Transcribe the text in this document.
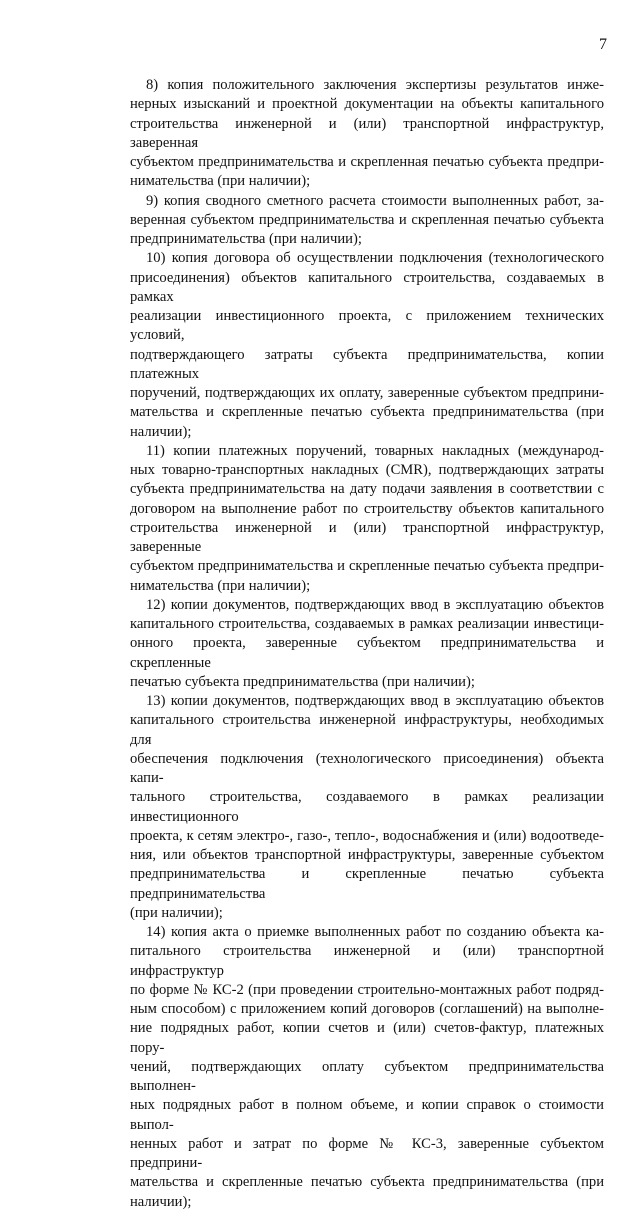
7
8) копия положительного заключения экспертизы результатов инже-
нерных изысканий и проектной документации на объекты капитального
строительства инженерной и (или) транспортной инфраструктур, заверенная
субъектом предпринимательства и скрепленная печатью субъекта предпри-
нимательства (при наличии);
9) копия сводного сметного расчета стоимости выполненных работ, за-
веренная субъектом предпринимательства и скрепленная печатью субъекта
предпринимательства (при наличии);
10) копия договора об осуществлении подключения (технологического
присоединения) объектов капитального строительства, создаваемых в рамках
реализации инвестиционного проекта, с приложением технических условий,
подтверждающего затраты субъекта предпринимательства, копии платежных
поручений, подтверждающих их оплату, заверенные субъектом предприни-
мательства и скрепленные печатью субъекта предпринимательства (при
наличии);
11) копии платежных поручений, товарных накладных (международ-
ных товарно-транспортных накладных (CMR), подтверждающих затраты
субъекта предпринимательства на дату подачи заявления в соответствии с
договором на выполнение работ по строительству объектов капитального
строительства инженерной и (или) транспортной инфраструктур, заверенные
субъектом предпринимательства и скрепленные печатью субъекта предпри-
нимательства (при наличии);
12) копии документов, подтверждающих ввод в эксплуатацию объектов
капитального строительства, создаваемых в рамках реализации инвестици-
онного проекта, заверенные субъектом предпринимательства и скрепленные
печатью субъекта предпринимательства (при наличии);
13) копии документов, подтверждающих ввод в эксплуатацию объектов
капитального строительства инженерной инфраструктуры, необходимых для
обеспечения подключения (технологического присоединения) объекта капи-
тального строительства, создаваемого в рамках реализации инвестиционного
проекта, к сетям электро-, газо-, тепло-, водоснабжения и (или) водоотведе-
ния, или объектов транспортной инфраструктуры, заверенные субъектом
предпринимательства и скрепленные печатью субъекта предпринимательства
(при наличии);
14) копия акта о приемке выполненных работ по созданию объекта ка-
питального строительства инженерной и (или) транспортной инфраструктур
по форме № КС-2 (при проведении строительно-монтажных работ подряд-
ным способом) с приложением копий договоров (соглашений) на выполне-
ние подрядных работ, копии счетов и (или) счетов-фактур, платежных пору-
чений, подтверждающих оплату субъектом предпринимательства выполнен-
ных подрядных работ в полном объеме, и копии справок о стоимости выпол-
ненных работ и затрат по форме № КС-3, заверенные субъектом предприни-
мательства и скрепленные печатью субъекта предпринимательства (при
наличии);
